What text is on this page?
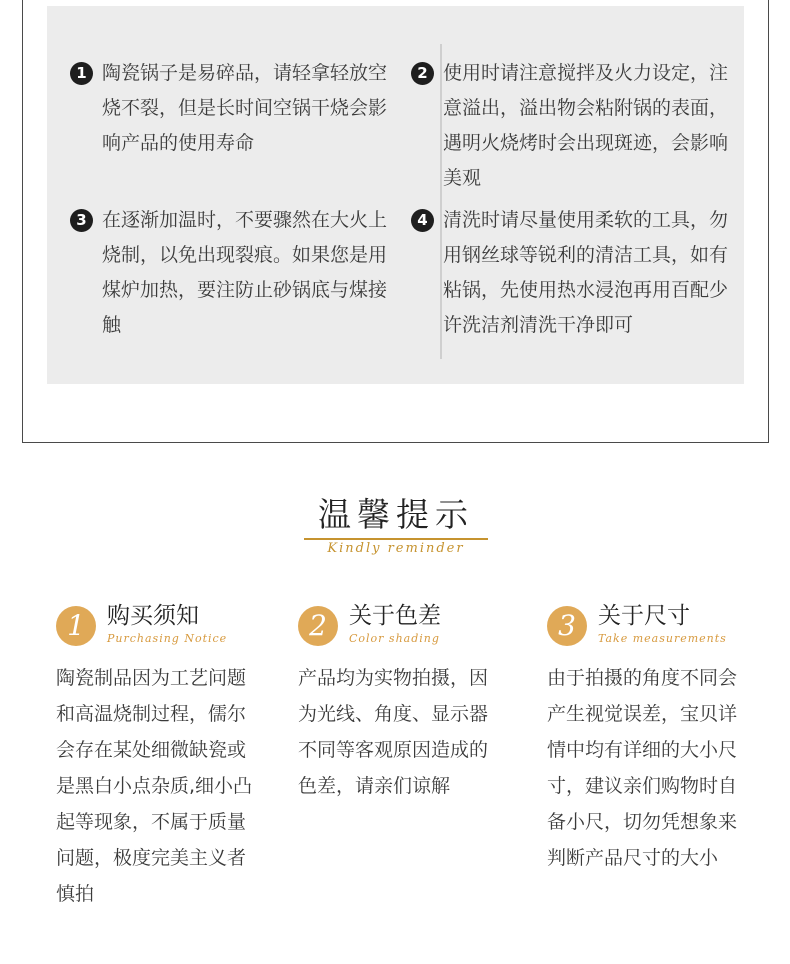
1 陶瓷锅子是易碎品，请轻拿轻放空烧不裂，但是长时间空锅干烧会影响产品的使用寿命
2 使用时请注意搅拌及火力设定，注意溢出，溢出物会粘附锅的表面，遇明火烧烤时会出现斑迹，会影响美观
3 在逐渐加温时，不要骤然在大火上烧制，以免出现裂痕。如果您是用煤炉加热，要注防止砂锅底与煤接触
4 清洗时请尽量使用柔软的工具，勿用钢丝球等锐利的清洁工具，如有粘锅，先使用热水浸泡再用百配少许洗洁剂清洗干净即可
温馨提示
Kindly reminder
1 购买须知
Purchasing Notice
陶瓷制品因为工艺问题和高温烧制过程，儒尔会存在某处细微缺瓷或是黑白小点杂质,细小凸起等现象，不属于质量问题，极度完美主义者慎拍
2 关于色差
Color shading
产品均为实物拍摄，因为光线、角度、显示器不同等客观原因造成的色差，请亲们谅解
3 关于尺寸
Take measurements
由于拍摄的角度不同会产生视觉误差，宝贝详情中均有详细的大小尺寸，建议亲们购物时自备小尺，切勿凭想象来判断产品尺寸的大小
